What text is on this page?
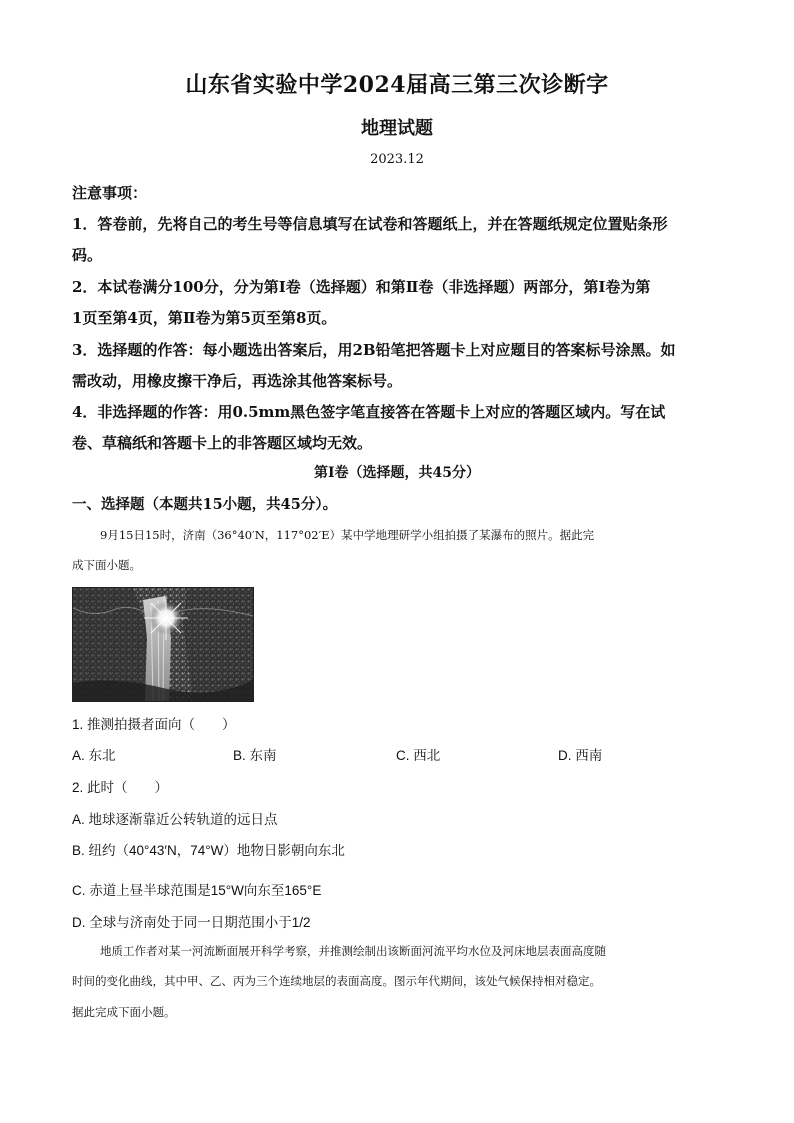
山东省实验中学2024届高三第三次诊断字
地理试题
2023.12
注意事项：
1．答卷前，先将自己的考生号等信息填写在试卷和答题纸上，并在答题纸规定位置贴条形
码。
2．本试卷满分100分，分为第Ⅰ卷（选择题）和第Ⅱ卷（非选择题）两部分，第Ⅰ卷为第
1页至第4页，第Ⅱ卷为第5页至第8页。
3．选择题的作答：每小题选出答案后，用2B铅笔把答题卡上对应题目的答案标号涂黑。如
需改动，用橡皮擦干净后，再选涂其他答案标号。
4．非选择题的作答：用0.5mm黑色签字笔直接答在答题卡上对应的答题区域内。写在试
卷、草稿纸和答题卡上的非答题区域均无效。
第Ⅰ卷（选择题，共45分）
一、选择题（本题共15小题，共45分）。
9月15日15时，济南（36°40′N，117°02′E）某中学地理研学小组拍摄了某瀑布的照片。据此完
成下面小题。
1. 推测拍摄者面向（　　）
A. 东北	B. 东南	C. 西北	D. 西南
2. 此时（　　）
A. 地球逐渐靠近公转轨道的远日点
B. 纽约（40°43′N，74°W）地物日影朝向东北
C. 赤道上昼半球范围是15°W向东至165°E
D. 全球与济南处于同一日期范围小于1/2
地质工作者对某一河流断面展开科学考察，并推测绘制出该断面河流平均水位及河床地层表面高度随
时间的变化曲线，其中甲、乙、丙为三个连续地层的表面高度。图示年代期间，该处气候保持相对稳定。
据此完成下面小题。
